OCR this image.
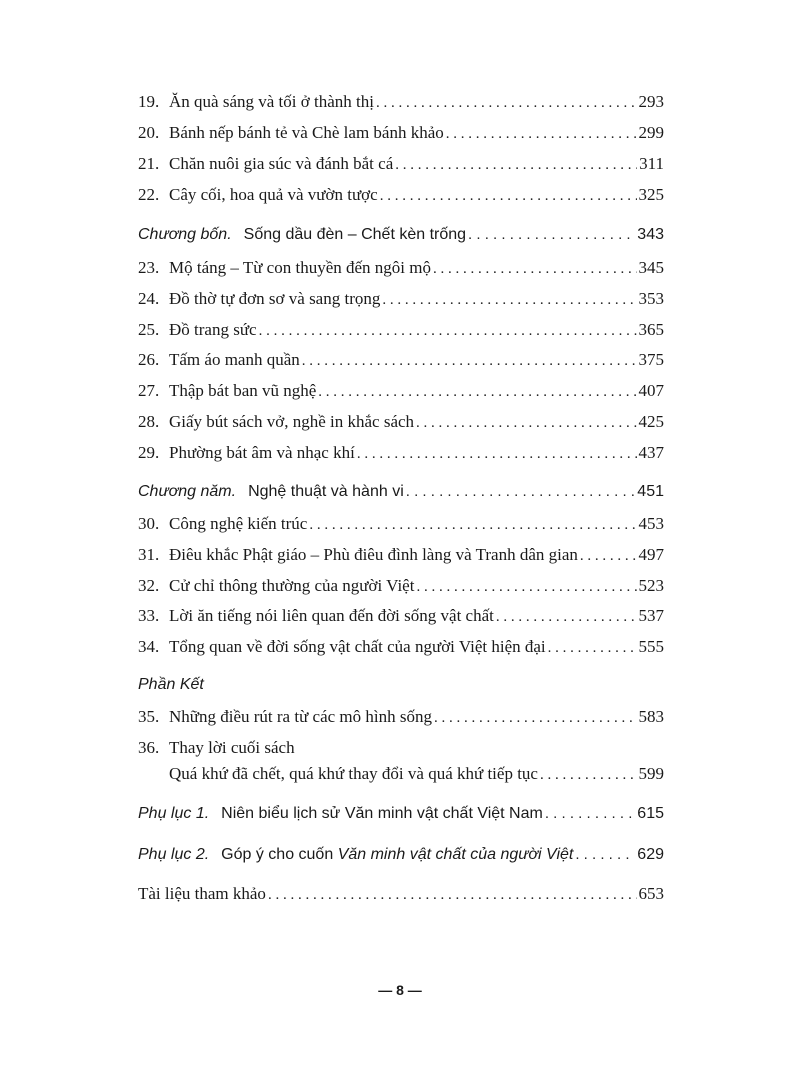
19. Ăn quà sáng và tối ở thành thị . . .	293
20. Bánh nếp bánh tẻ và Chè lam bánh khảo . . .	299
21. Chăn nuôi gia súc và đánh bắt cá . . .	311
22. Cây cối, hoa quả và vườn tược . . .	325
Chương bốn. Sống dầu đèn – Chết kèn trống . . .	343
23. Mộ táng – Từ con thuyền đến ngôi mộ . . .	345
24. Đồ thờ tự đơn sơ và sang trọng . . .	353
25. Đồ trang sức . . .	365
26. Tấm áo manh quần . . .	375
27. Thập bát ban vũ nghệ . . .	407
28. Giấy bút sách vở, nghề in khắc sách . . .	425
29. Phường bát âm và nhạc khí . . .	437
Chương năm. Nghệ thuật và hành vi . . .	451
30. Công nghệ kiến trúc . . .	453
31. Điêu khắc Phật giáo – Phù điêu đình làng và Tranh dân gian . . .	497
32. Cử chỉ thông thường của người Việt . . .	523
33. Lời ăn tiếng nói liên quan đến đời sống vật chất . . .	537
34. Tổng quan về đời sống vật chất của người Việt hiện đại . . .	555
Phần Kết
35. Những điều rút ra từ các mô hình sống . . .	583
36. Thay lời cuối sách
Quá khứ đã chết, quá khứ thay đổi và quá khứ tiếp tục . . .	599
Phụ lục 1. Niên biểu lịch sử Văn minh vật chất Việt Nam . . .	615
Phụ lục 2. Góp ý cho cuốn Văn minh vật chất của người Việt . . .	629
Tài liệu tham khảo . . .	653
— 8 —
